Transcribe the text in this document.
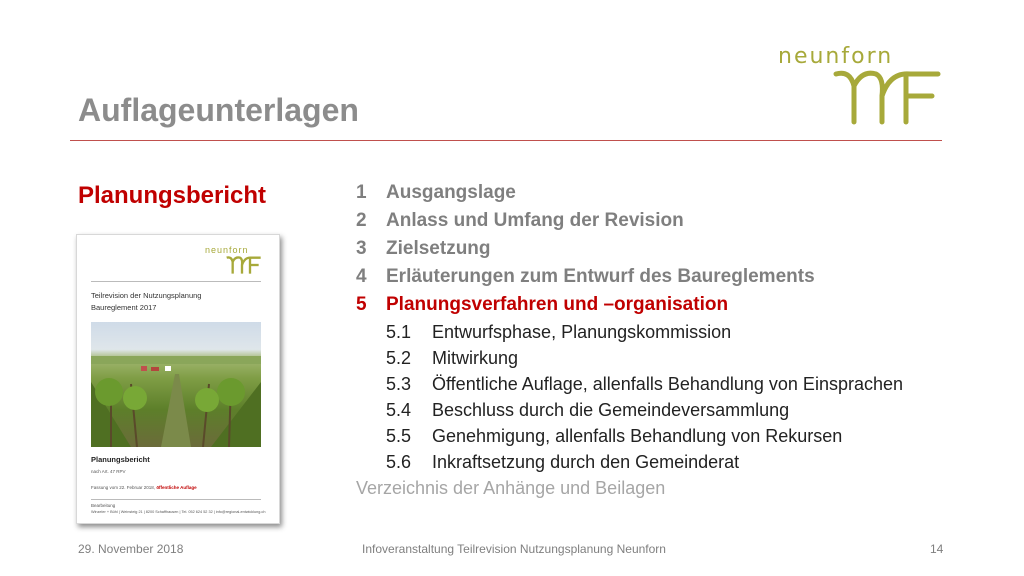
neunforn
Auflageunterlagen
Planungsbericht
neunforn
Teilrevision der Nutzungsplanung
Baureglement 2017
Planungsbericht
nach Art. 47 RPV
Fassung vom 22. Februar 2018, öffentliche Auflage
Bearbeitung
Winzeler + Bühl | Weinsteig 21 | 8200 Schaffhausen | Tel. 052 624 52 32 | info@regional-entwicklung.ch
1 Ausgangslage
2 Anlass und Umfang der Revision
3 Zielsetzung
4 Erläuterungen zum Entwurf des Baureglements
5 Planungsverfahren und –organisation
5.1 Entwurfsphase, Planungskommission
5.2 Mitwirkung
5.3 Öffentliche Auflage, allenfalls Behandlung von Einsprachen
5.4 Beschluss durch die Gemeindeversammlung
5.5 Genehmigung, allenfalls Behandlung von Rekursen
5.6 Inkraftsetzung durch den Gemeinderat
Verzeichnis der Anhänge und Beilagen
29. November 2018	Infoveranstaltung Teilrevision Nutzungsplanung Neunforn	14
